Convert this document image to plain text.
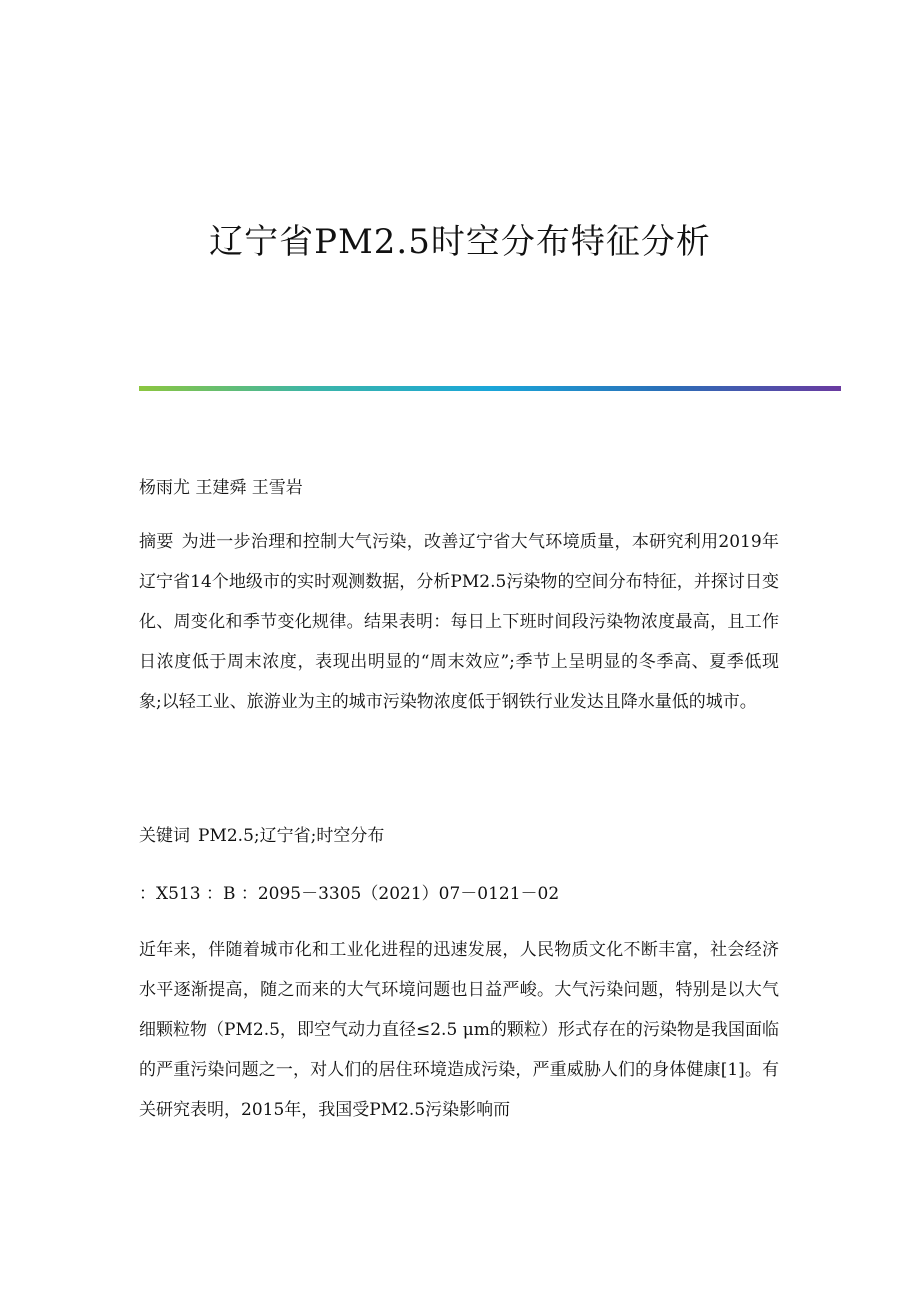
辽宁省PM2.5时空分布特征分析
杨雨尤 王建舜 王雪岩
摘要 为进一步治理和控制大气污染，改善辽宁省大气环境质量，本研究利用2019年辽宁省14个地级市的实时观测数据，分析PM2.5污染物的空间分布特征，并探讨日变化、周变化和季节变化规律。结果表明：每日上下班时间段污染物浓度最高，且工作日浓度低于周末浓度，表现出明显的“周末效应”;季节上呈明显的冬季高、夏季低现象;以轻工业、旅游业为主的城市污染物浓度低于钢铁行业发达且降水量低的城市。
关键词 PM2.5;辽宁省;时空分布
：X513 ：B ：2095－3305（2021）07－0121－02
近年来，伴随着城市化和工业化进程的迅速发展，人民物质文化不断丰富，社会经济水平逐渐提高，随之而来的大气环境问题也日益严峻。大气污染问题，特别是以大气细颗粒物（PM2.5，即空气动力直径≤2.5 μm的颗粒）形式存在的污染物是我国面临的严重污染问题之一，对人们的居住环境造成污染，严重威胁人们的身体健康[1]。有关研究表明，2015年，我国受PM2.5污染影响而
